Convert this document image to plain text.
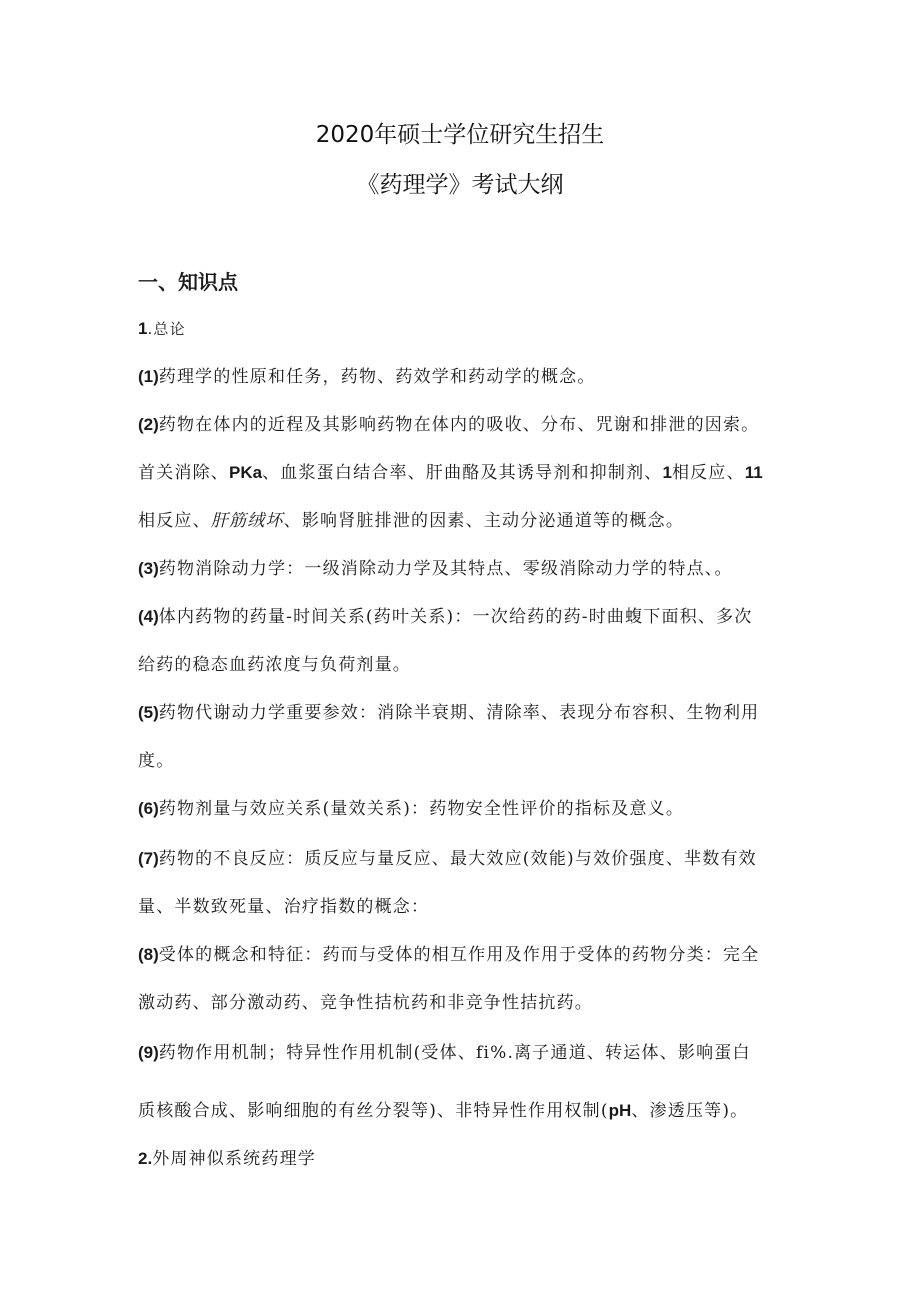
2020年硕士学位研究生招生
《药理学》考试大纲
一、知识点
1.总论
(1)药理学的性原和任务，药物、药效学和药动学的概念。
(2)药物在体内的近程及其影响药物在体内的吸收、分布、咒谢和排泄的因索。
首关消除、PKa、血浆蛋白结合率、肝曲酪及其诱导剂和抑制剂、1相反应、11
相反应、肝筋绒坏、影响肾脏排泄的因素、主动分泌通道等的概念。
(3)药物消除动力学：一级消除动力学及其特点、零级消除动力学的特点、。
(4)体内药物的药量-时间关系(药叶关系)：一次给药的药-时曲蝮下面积、多次
给药的稳态血药浓度与负荷剂量。
(5)药物代谢动力学重要参效：消除半衰期、清除率、表现分布容积、生物利用
度。
(6)药物剂量与效应关系(量效关系)：药物安全性评价的指标及意义。
(7)药物的不良反应：质反应与量反应、最大效应(效能)与效价强度、芈数有效
量、半数致死量、治疗指数的概念：
(8)受体的概念和特征：药而与受体的相互作用及作用于受体的药物分类：完全
激动药、部分激动药、竞争性拮杭药和非竞争性拮抗药。
(9)药物作用机制；特异性作用机制(受体、fi%.离子通道、转运体、影响蛋白
质核酸合成、影响细胞的有丝分裂等)、非特异性作用权制(pH、渗透压等)。
2.外周神似系统药理学
